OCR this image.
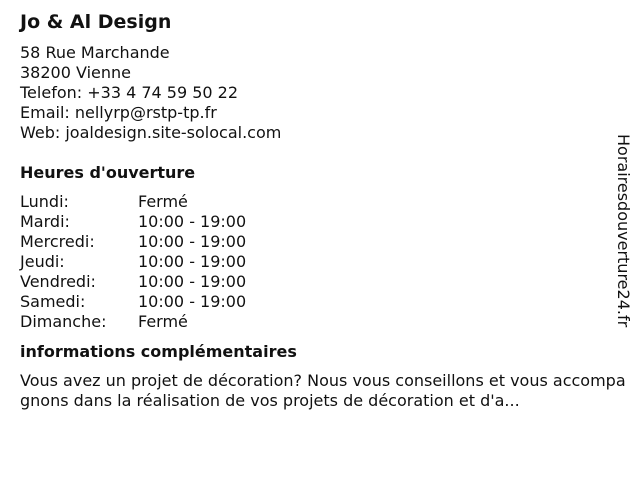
Jo & Al Design
58 Rue Marchande
38200 Vienne
Telefon: +33 4 74 59 50 22
Email: nellyrp@rstp-tp.fr
Web: joaldesign.site-solocal.com
Heures d'ouverture
Lundi:	Fermé
Mardi:	10:00 - 19:00
Mercredi:	10:00 - 19:00
Jeudi:	10:00 - 19:00
Vendredi:	10:00 - 19:00
Samedi:	10:00 - 19:00
Dimanche:	Fermé
informations complémentaires

Vous avez un projet de décoration? Nous vous conseillons et vous accompagnons dans la réalisation de vos projets de décoration et d'a...

Horairesdouverture24.fr
